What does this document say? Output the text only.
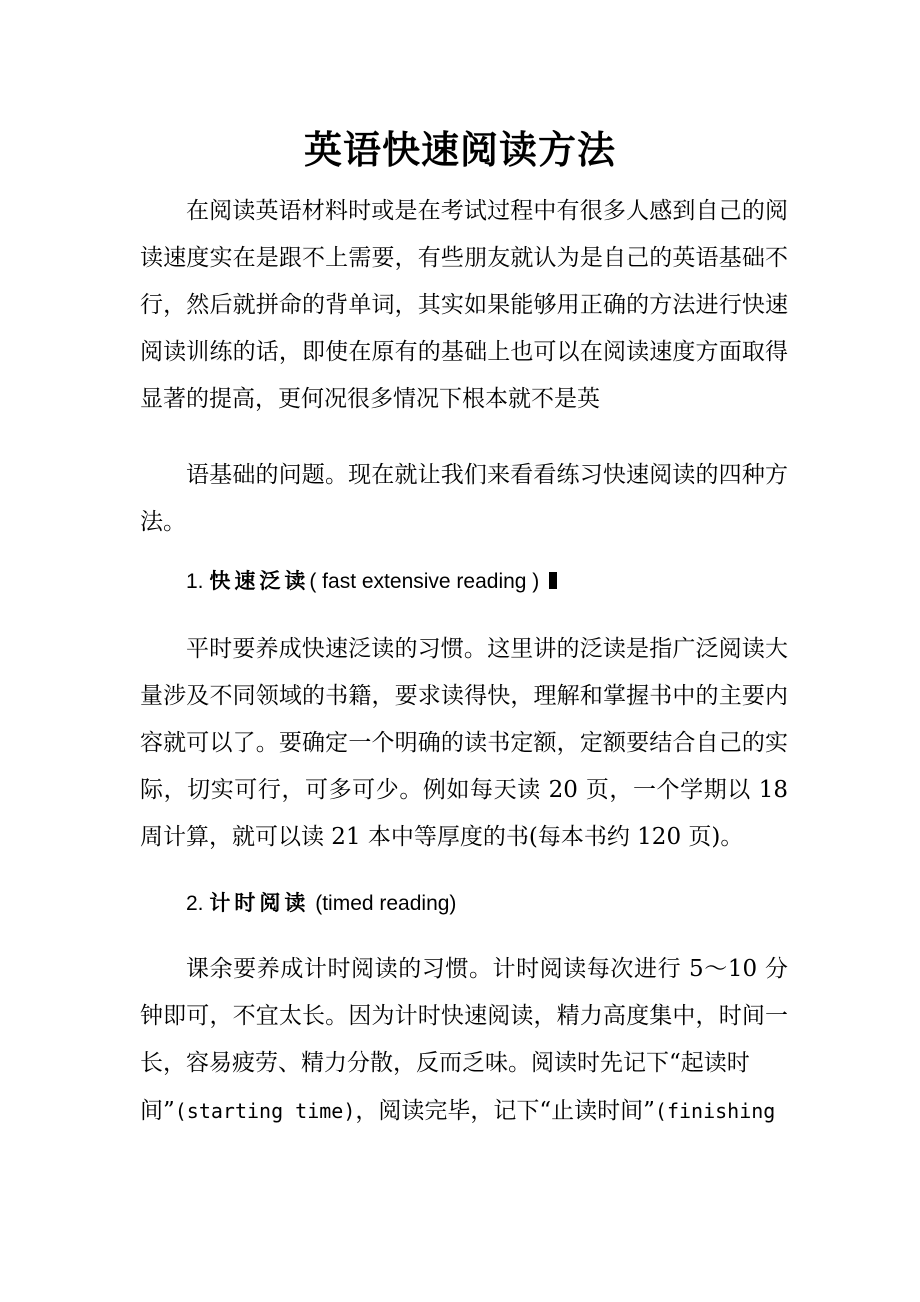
英语快速阅读方法

在阅读英语材料时或是在考试过程中有很多人感到自己的阅读速度实在是跟不上需要，有些朋友就认为是自己的英语基础不行，然后就拼命的背单词，其实如果能够用正确的方法进行快速阅读训练的话，即使在原有的基础上也可以在阅读速度方面取得显著的提高，更何况很多情况下根本就不是英

语基础的问题。现在就让我们来看看练习快速阅读的四种方法。

1. 快速泛读( fast extensive reading )

平时要养成快速泛读的习惯。这里讲的泛读是指广泛阅读大量涉及不同领域的书籍，要求读得快，理解和掌握书中的主要内容就可以了。要确定一个明确的读书定额，定额要结合自己的实际，切实可行，可多可少。例如每天读 20 页，一个学期以 18 周计算，就可以读 21 本中等厚度的书(每本书约 120 页)。

2. 计时阅读 (timed reading)

课余要养成计时阅读的习惯。计时阅读每次进行 5～10 分钟即可，不宜太长。因为计时快速阅读，精力高度集中，时间一长，容易疲劳、精力分散，反而乏味。阅读时先记下“起读时

间”(starting time)，阅读完毕，记下“止读时间”(finishing
